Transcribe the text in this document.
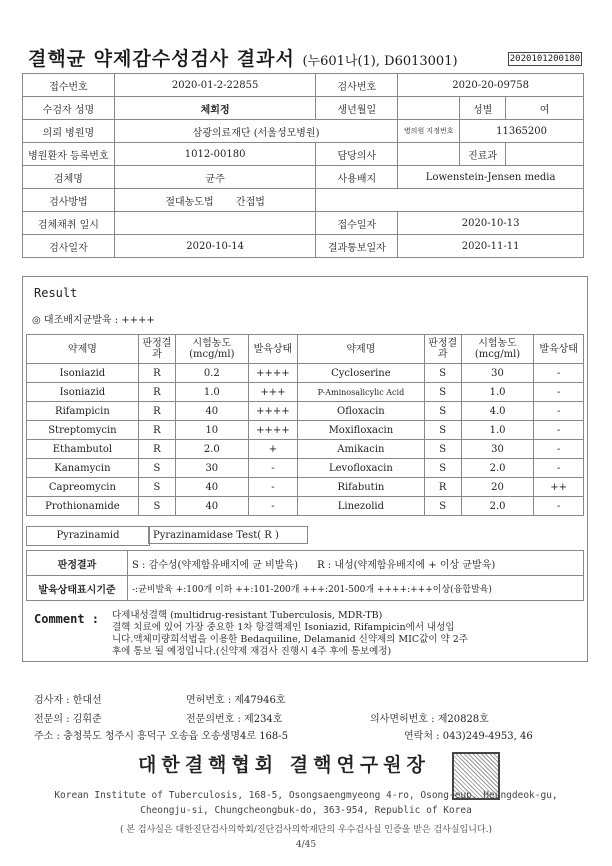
결핵균 약제감수성검사 결과서 (누601나(1), D6013001)	2020101200180
접수번호	2020-01-2-22855	검사번호	2020-20-09758		
수검자 성명	체회정	생년월일		성별	여
의뢰 병원명	삼광의료재단 (서울성모병원)		병의원 지정번호	11365200	
병원환자 등록번호	1012-00180	담당의사		진료과	
검체명	균주	사용배지	Lowenstein-Jensen media		
검사방법	절대농도법 간접법				
검체채취 일시		접수일자	2020-10-13		
검사일자	2020-10-14	결과통보일자	2020-11-11		
Result
◎ 대조배지균발육 : ++++
약제명	판정결과	시험농도(mcg/ml)	발육상태	약제명	판정결과	시험농도(mcg/ml)	발육상태
Isoniazid	R	0.2	++++	Cycloserine	S	30	-
Isoniazid	R	1.0	+++	P-Aminosalicylic Acid	S	1.0	-
Rifampicin	R	40	++++	Ofloxacin	S	4.0	-
Streptomycin	R	10	++++	Moxifloxacin	S	1.0	-
Ethambutol	R	2.0	+	Amikacin	S	30	-
Kanamycin	S	30	-	Levofloxacin	S	2.0	-
Capreomycin	S	40	-	Rifabutin	R	20	++
Prothionamide	S	40	-	Linezolid	S	2.0	-
Pyrazinamid	Pyrazinamidase Test( R )
판정결과	S : 감수성(약제함유배지에 균 비발육) R : 내성(약제함유배지에 + 이상 균발육)
발육상태표시기준	-:균비발육 +:100개 이하 ++:101-200개 +++:201-500개 ++++:+++이상(융합발육)
Comment : 다제내성결핵 (multidrug-resistant Tuberculosis, MDR-TB)
결핵 치료에 있어 가장 중요한 1차 항결핵제인 Isoniazid, Rifampicin에서 내성입
니다.액체미량희석법을 이용한 Bedaquiline, Delamanid 신약제의 MIC값이 약 2주
후에 통보 될 예정입니다.(신약제 재검사 진행시 4주 후에 통보예정)
검사자 : 한대선	면허번호 : 제47946호
전문의 : 김휘준	전문의번호 : 제234호	의사면허번호 : 제20828호
주소 : 충청북도 청주시 흥덕구 오송읍 오송생명4로 168-5	연락처 : 043)249-4953, 46
대한결핵협회 결핵연구원장
Korean Institute of Tuberculosis, 168-5, Osongsaengmyeong 4-ro, Osong-eup, Heungdeok-gu,
Cheongju-si, Chungcheongbuk-do, 363-954, Republic of Korea
( 본 검사실은 대한진단검사의학회/진단검사의학재단의 우수검사실 인증을 받은 검사실입니다.)
4/45
